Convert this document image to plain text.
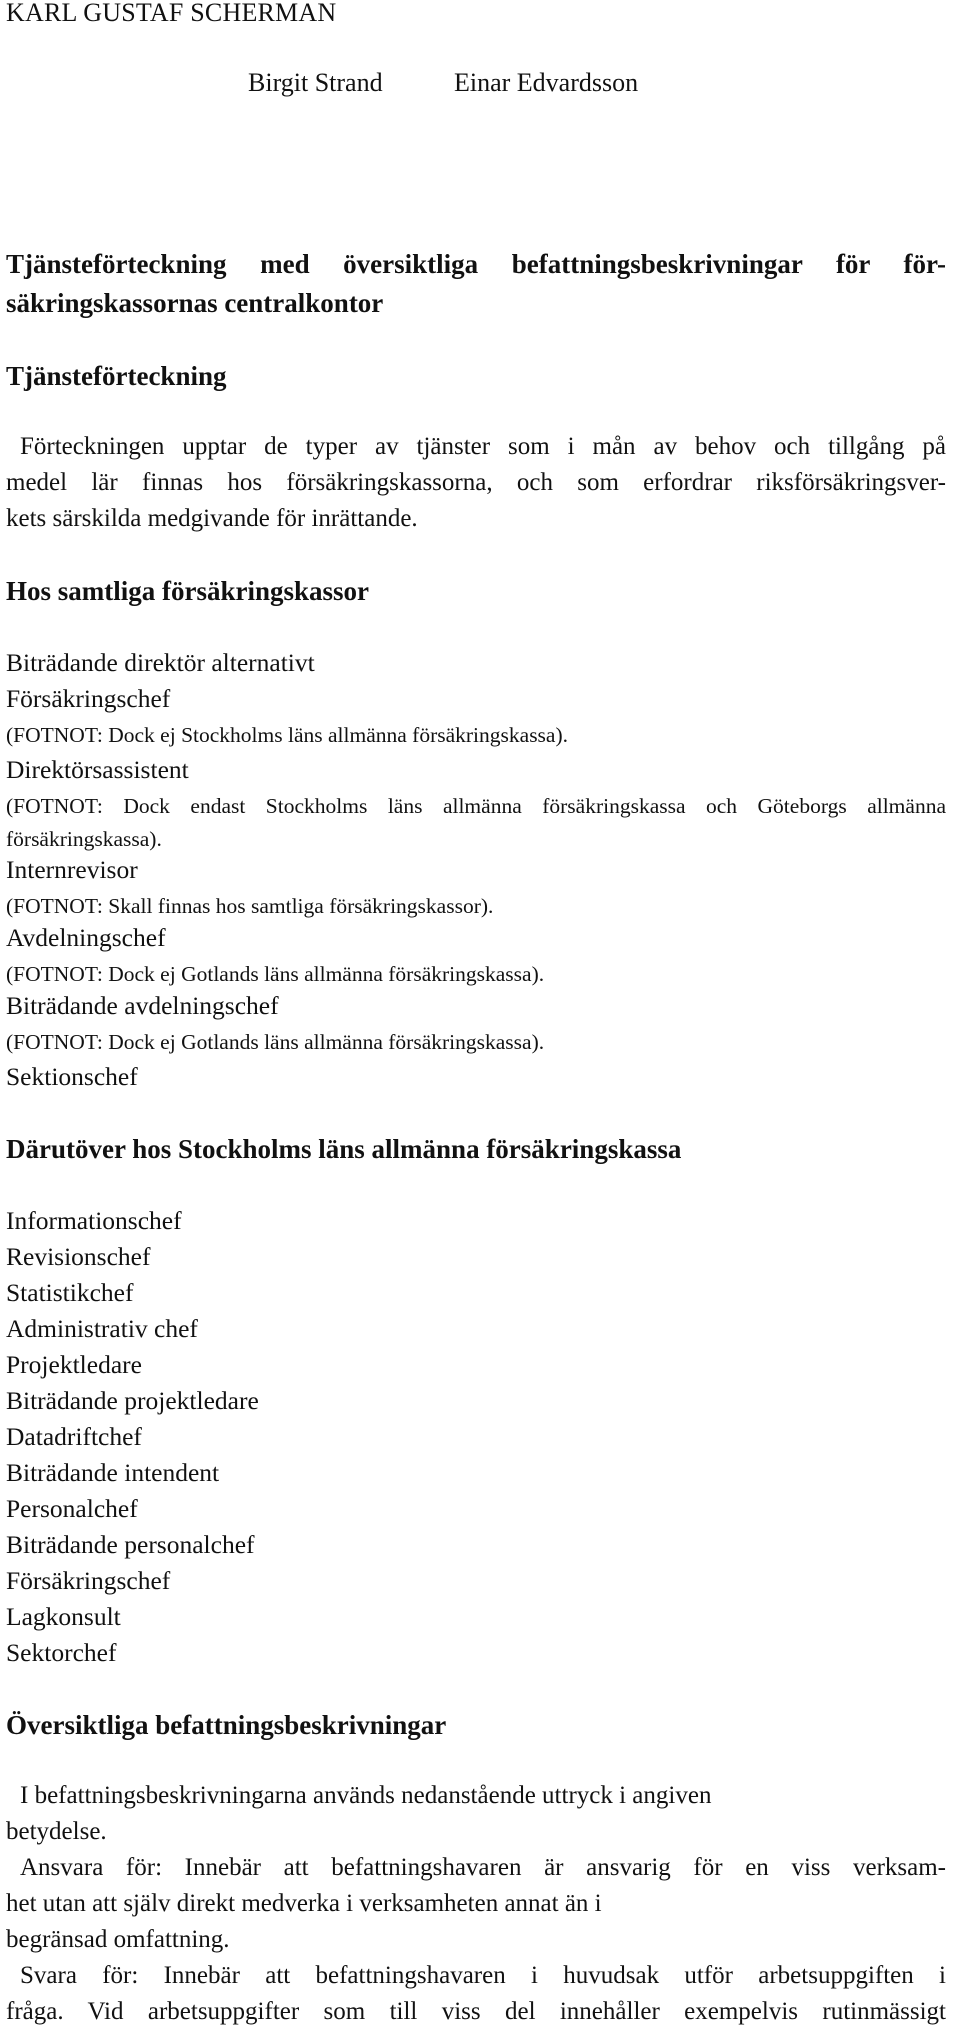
KARL GUSTAF SCHERMAN
Birgit Strand	Einar Edvardsson
Tjänsteförteckning med översiktliga befattningsbeskrivningar för för-
säkringskassornas centralkontor
Tjänsteförteckning
Förteckningen upptar de typer av tjänster som i mån av behov och tillgång på
medel lär finnas hos försäkringskassorna, och som erfordrar riksförsäkringsver-
kets särskilda medgivande för inrättande.
Hos samtliga försäkringskassor
Biträdande direktör alternativt
Försäkringschef
(FOTNOT: Dock ej Stockholms läns allmänna försäkringskassa).
Direktörsassistent
(FOTNOT: Dock endast Stockholms läns allmänna försäkringskassa och Göteborgs allmänna
försäkringskassa).
Internrevisor
(FOTNOT: Skall finnas hos samtliga försäkringskassor).
Avdelningschef
(FOTNOT: Dock ej Gotlands läns allmänna försäkringskassa).
Biträdande avdelningschef
(FOTNOT: Dock ej Gotlands läns allmänna försäkringskassa).
Sektionschef
Därutöver hos Stockholms läns allmänna försäkringskassa
Informationschef
Revisionschef
Statistikchef
Administrativ chef
Projektledare
Biträdande projektledare
Datadriftchef
Biträdande intendent
Personalchef
Biträdande personalchef
Försäkringschef
Lagkonsult
Sektorchef
Översiktliga befattningsbeskrivningar
I befattningsbeskrivningarna används nedanstående uttryck i angiven
betydelse.
Ansvara för: Innebär att befattningshavaren är ansvarig för en viss verksam-
het utan att själv direkt medverka i verksamheten annat än i
begränsad omfattning.
Svara för: Innebär att befattningshavaren i huvudsak utför arbetsuppgiften i
fråga. Vid arbetsuppgifter som till viss del innehåller exempelvis rutinmässigt
